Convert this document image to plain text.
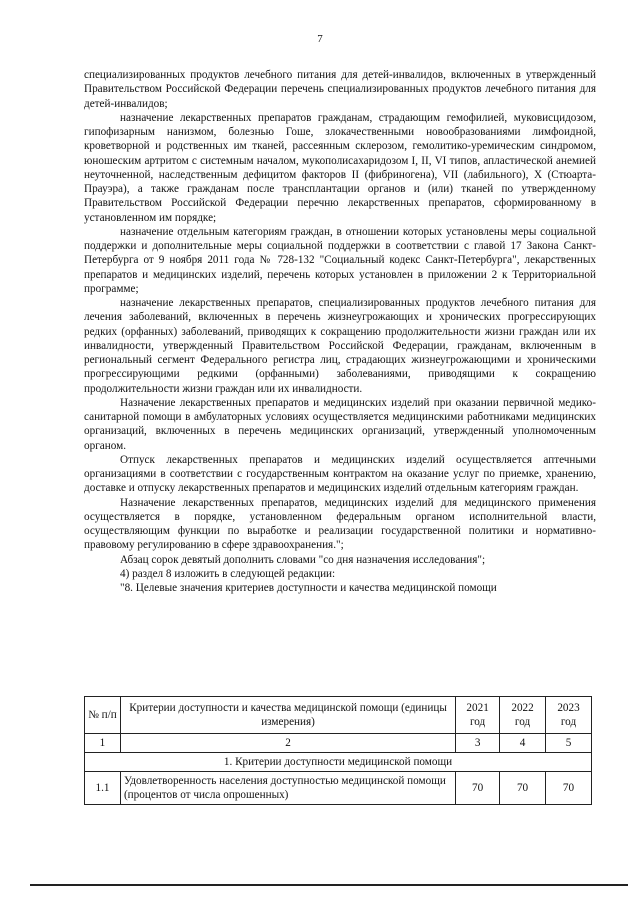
7

специализированных продуктов лечебного питания для детей-инвалидов, включенных в утвержденный Правительством Российской Федерации перечень специализированных продуктов лечебного питания для детей-инвалидов;

назначение лекарственных препаратов гражданам, страдающим гемофилией, муковисцидозом, гипофизарным нанизмом, болезнью Гоше, злокачественными новообразованиями лимфоидной, кроветворной и родственных им тканей, рассеянным склерозом, гемолитико-уремическим синдромом, юношеским артритом с системным началом, мукополисахаридозом I, II, VI типов, апластической анемией неуточненной, наследственным дефицитом факторов II (фибриногена), VII (лабильного), X (Стюарта-Прауэра), а также гражданам после трансплантации органов и (или) тканей по утвержденному Правительством Российской Федерации перечню лекарственных препаратов, сформированному в установленном им порядке;

назначение отдельным категориям граждан, в отношении которых установлены меры социальной поддержки и дополнительные меры социальной поддержки в соответствии с главой 17 Закона Санкт-Петербурга от 9 ноября 2011 года № 728-132 "Социальный кодекс Санкт-Петербурга", лекарственных препаратов и медицинских изделий, перечень которых установлен в приложении 2 к Территориальной программе;

назначение лекарственных препаратов, специализированных продуктов лечебного питания для лечения заболеваний, включенных в перечень жизнеугрожающих и хронических прогрессирующих редких (орфанных) заболеваний, приводящих к сокращению продолжительности жизни граждан или их инвалидности, утвержденный Правительством Российской Федерации, гражданам, включенным в региональный сегмент Федерального регистра лиц, страдающих жизнеугрожающими и хроническими прогрессирующими редкими (орфанными) заболеваниями, приводящими к сокращению продолжительности жизни граждан или их инвалидности.

Назначение лекарственных препаратов и медицинских изделий при оказании первичной медико-санитарной помощи в амбулаторных условиях осуществляется медицинскими работниками медицинских организаций, включенных в перечень медицинских организаций, утвержденный уполномоченным органом.

Отпуск лекарственных препаратов и медицинских изделий осуществляется аптечными организациями в соответствии с государственным контрактом на оказание услуг по приемке, хранению, доставке и отпуску лекарственных препаратов и медицинских изделий отдельным категориям граждан.

Назначение лекарственных препаратов, медицинских изделий для медицинского применения осуществляется в порядке, установленном федеральным органом исполнительной власти, осуществляющим функции по выработке и реализации государственной политики и нормативно-правовому регулированию в сфере здравоохранения.";

Абзац сорок девятый дополнить словами "со дня назначения исследования";

4) раздел 8 изложить в следующей редакции:

"8. Целевые значения критериев доступности и качества медицинской помощи

№ п/п	Критерии доступности и качества медицинской помощи (единицы измерения)	2021 год	2022 год	2023 год
1	2	3	4	5
1. Критерии доступности медицинской помощи				
1.1	Удовлетворенность населения доступностью медицинской помощи (процентов от числа опрошенных)	70	70	70
